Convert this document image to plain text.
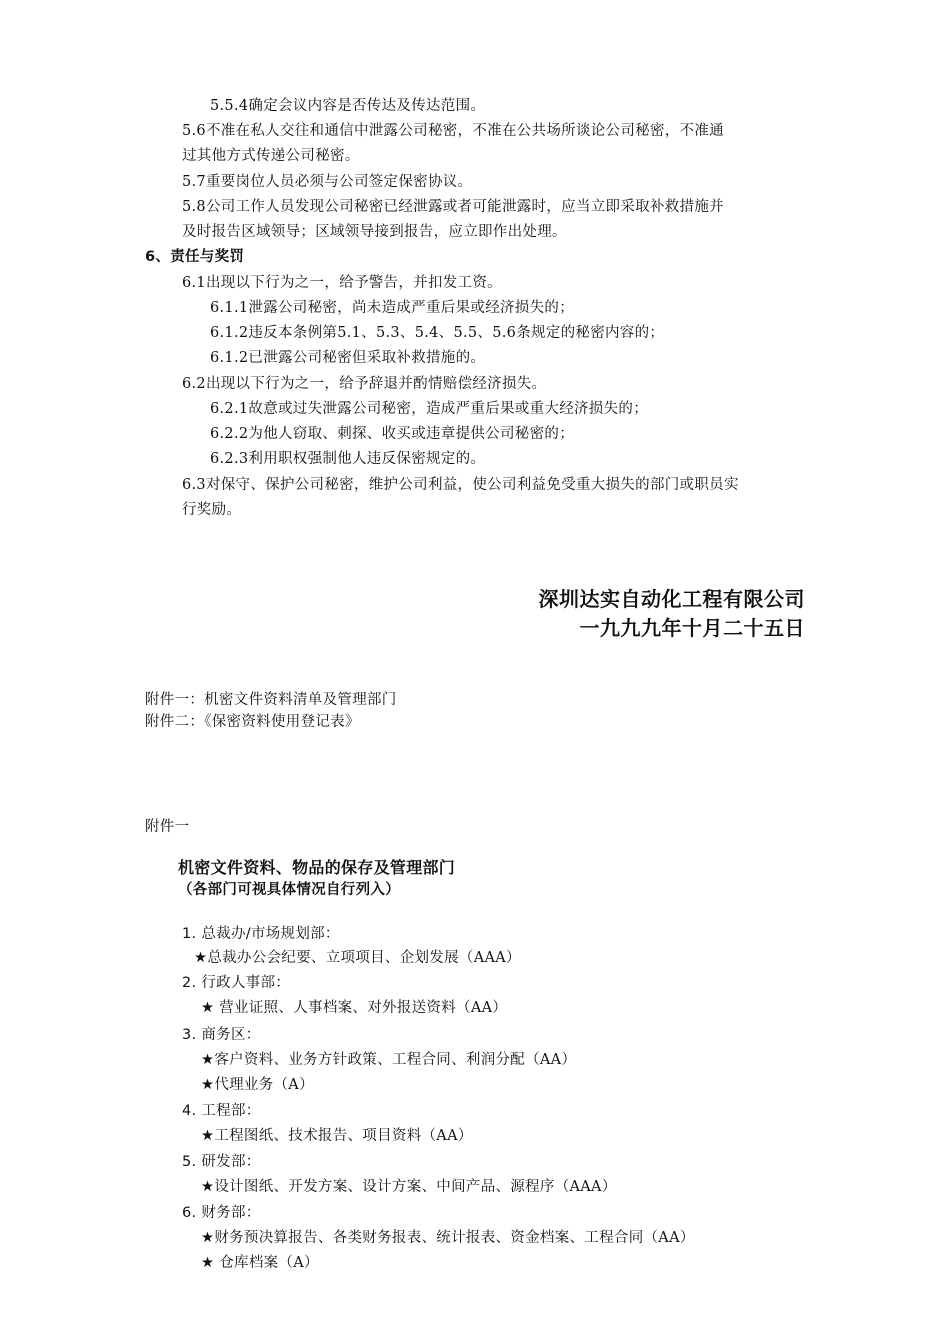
5.5.4确定会议内容是否传达及传达范围。
5.6不准在私人交往和通信中泄露公司秘密，不准在公共场所谈论公司秘密，不准通
过其他方式传递公司秘密。
5.7重要岗位人员必须与公司签定保密协议。
5.8公司工作人员发现公司秘密已经泄露或者可能泄露时，应当立即采取补救措施并
及时报告区域领导；区域领导接到报告，应立即作出处理。
6、责任与奖罚
6.1出现以下行为之一，给予警告，并扣发工资。
6.1.1泄露公司秘密，尚未造成严重后果或经济损失的；
6.1.2违反本条例第5.1、5.3、5.4、5.5、5.6条规定的秘密内容的；
6.1.2已泄露公司秘密但采取补救措施的。
6.2出现以下行为之一，给予辞退并酌情赔偿经济损失。
6.2.1故意或过失泄露公司秘密，造成严重后果或重大经济损失的；
6.2.2为他人窃取、刺探、收买或违章提供公司秘密的；
6.2.3利用职权强制他人违反保密规定的。
6.3对保守、保护公司秘密，维护公司利益，使公司利益免受重大损失的部门或职员实
行奖励。
深圳达实自动化工程有限公司
一九九九年十月二十五日
附件一：机密文件资料清单及管理部门
附件二：《保密资料使用登记表》
附件一
机密文件资料、物品的保存及管理部门
（各部门可视具体情况自行列入）
1. 总裁办/市场规划部：
★总裁办公会纪要、立项项目、企划发展（AAA）
2. 行政人事部：
★ 营业证照、人事档案、对外报送资料（AA）
3. 商务区：
★客户资料、业务方针政策、工程合同、利润分配（AA）
★代理业务（A）
4. 工程部：
★工程图纸、技术报告、项目资料（AA）
5. 研发部：
★设计图纸、开发方案、设计方案、中间产品、源程序（AAA）
6. 财务部：
★财务预决算报告、各类财务报表、统计报表、资金档案、工程合同（AA）
★ 仓库档案（A）
